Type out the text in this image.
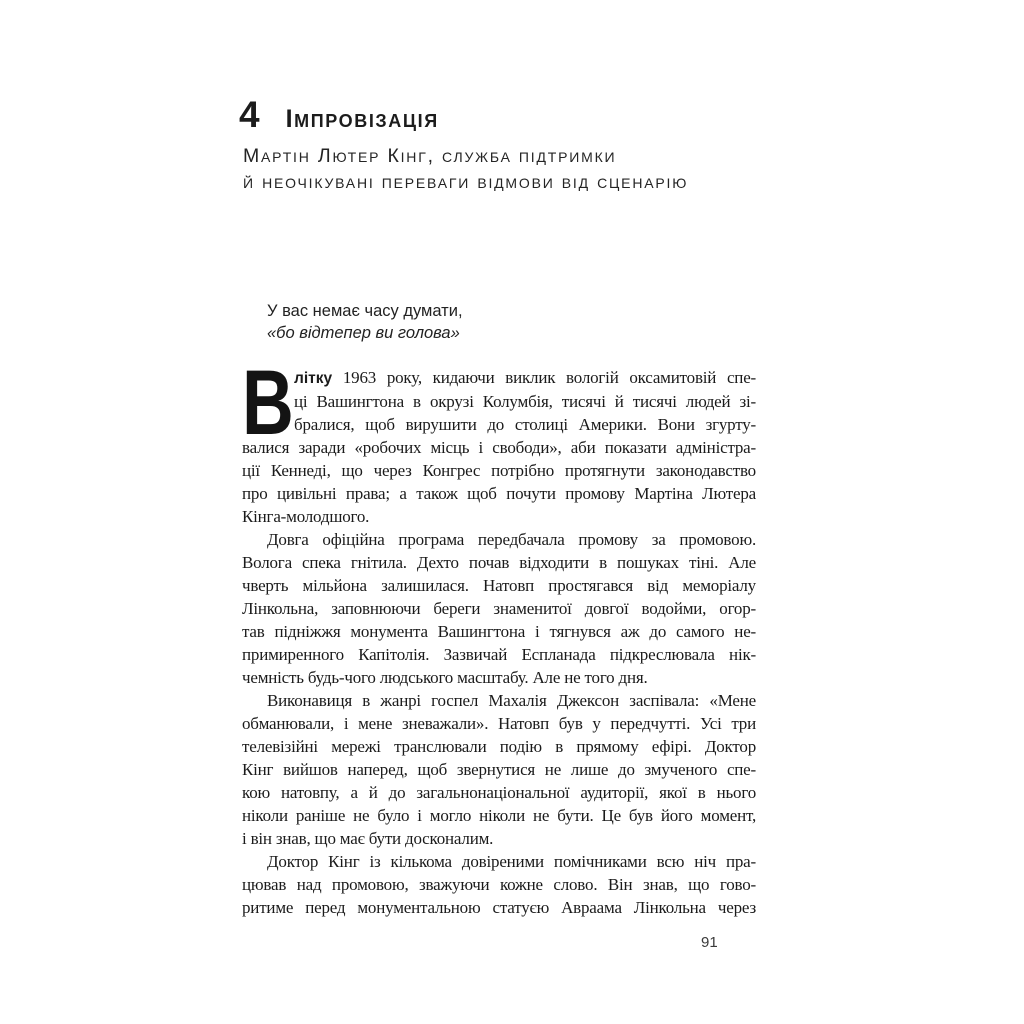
4 Імпровізація
Мартін Лютер Кінг, служба підтримки
й неочікувані переваги відмови від сценарію
У вас немає часу думати,
«бо відтепер ви голова»
В літку 1963 року, кидаючи виклик вологій оксамитовій спе-
ці Вашингтона в окрузі Колумбія, тисячі й тисячі людей зі-
бралися, щоб вирушити до столиці Америки. Вони згурту-
валися заради «робочих місць і свободи», аби показати адміністра-
ції Кеннеді, що через Конгрес потрібно протягнути законодавство
про цивільні права; а також щоб почути промову Мартіна Лютера
Кінга-молодшого.
Довга офіційна програма передбачала промову за промовою.
Волога спека гнітила. Дехто почав відходити в пошуках тіні. Але
чверть мільйона залишилася. Натовп простягався від меморіалу
Лінкольна, заповнюючи береги знаменитої довгої водойми, огор-
тав підніжжя монумента Вашингтона і тягнувся аж до самого не-
примиренного Капітолія. Зазвичай Еспланада підкреслювала нік-
чемність будь-чого людського масштабу. Але не того дня.
Виконавиця в жанрі госпел Махалія Джексон заспівала: «Мене
обманювали, і мене зневажали». Натовп був у передчутті. Усі три
телевізійні мережі транслювали подію в прямому ефірі. Доктор
Кінг вийшов наперед, щоб звернутися не лише до змученого спе-
кою натовпу, а й до загальнонаціональної аудиторії, якої в нього
ніколи раніше не було і могло ніколи не бути. Це був його момент,
і він знав, що має бути досконалим.
Доктор Кінг із кількома довіреними помічниками всю ніч пра-
цював над промовою, зважуючи кожне слово. Він знав, що гово-
ритиме перед монументальною статуєю Авраама Лінкольна через
91
